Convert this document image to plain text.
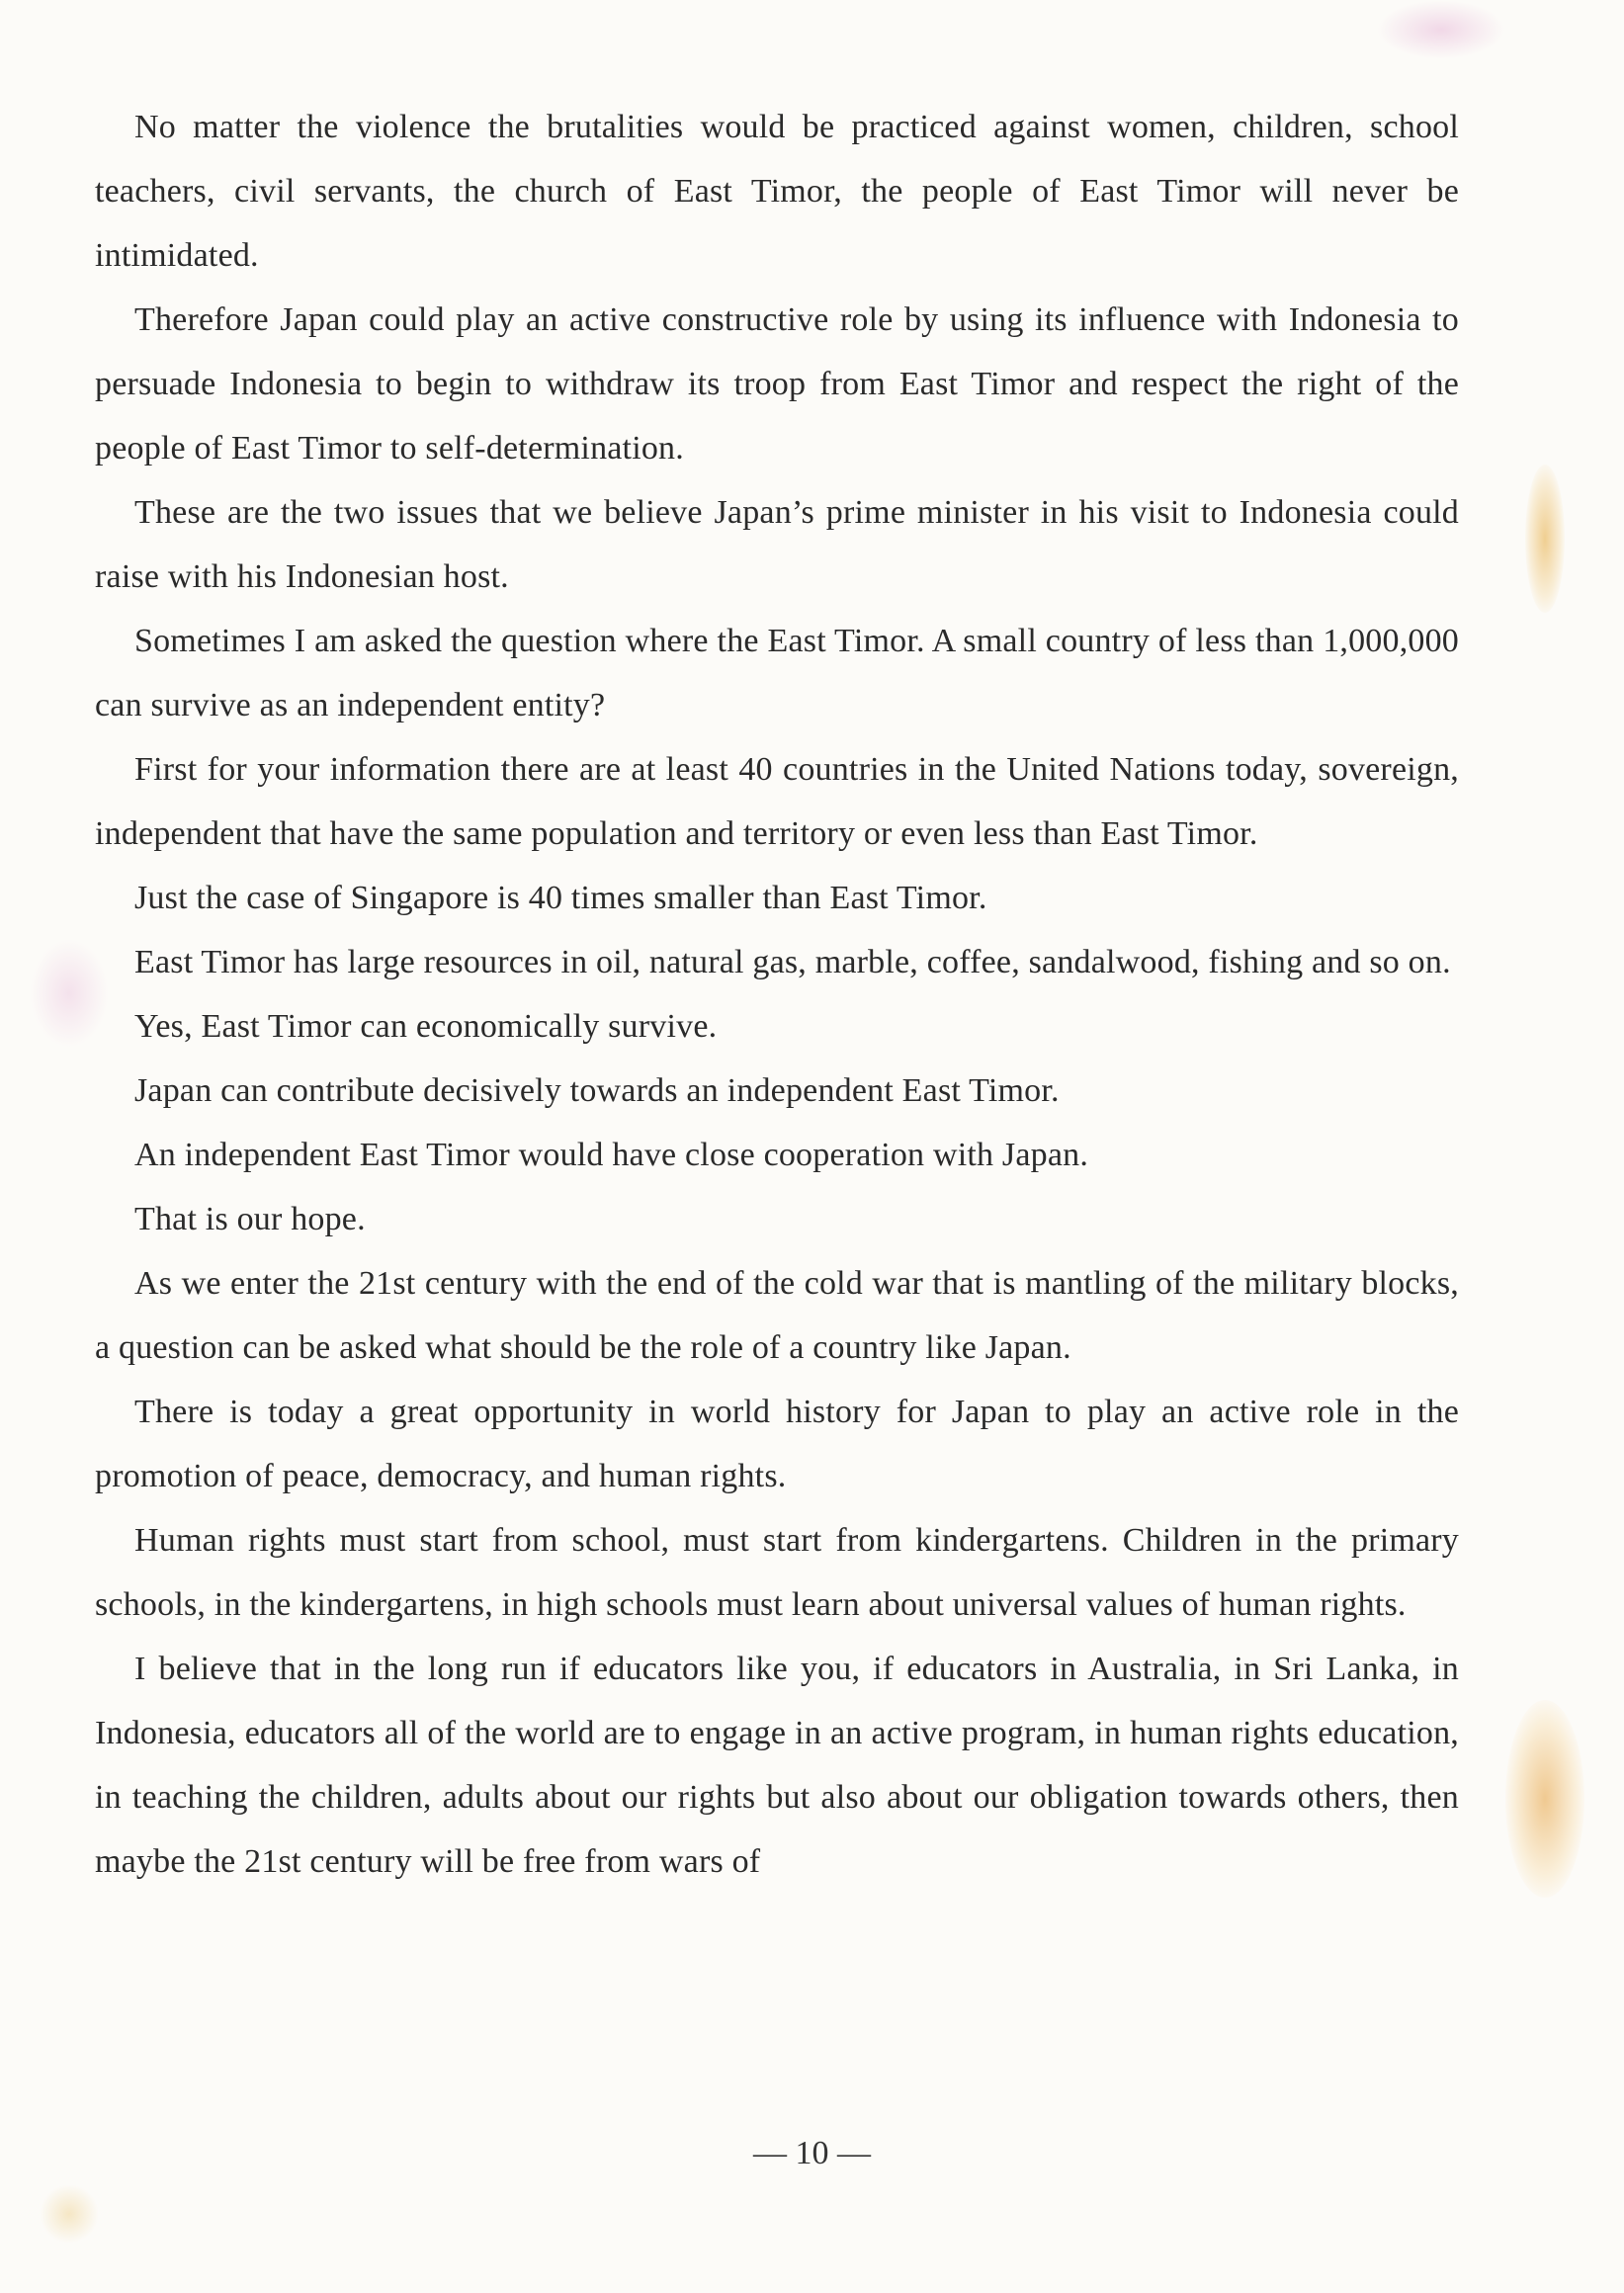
No matter the violence the brutalities would be practiced against women, children, school teachers, civil servants, the church of East Timor, the people of East Timor will never be intimidated.

Therefore Japan could play an active constructive role by using its influence with Indonesia to persuade Indonesia to begin to withdraw its troop from East Timor and respect the right of the people of East Timor to self-determination.

These are the two issues that we believe Japan’s prime minister in his visit to Indonesia could raise with his Indonesian host.

Sometimes I am asked the question where the East Timor. A small country of less than 1,000,000 can survive as an independent entity?

First for your information there are at least 40 countries in the United Nations today, sovereign, independent that have the same population and territory or even less than East Timor.

Just the case of Singapore is 40 times smaller than East Timor.

East Timor has large resources in oil, natural gas, marble, coffee, sandalwood, fishing and so on.

Yes, East Timor can economically survive.

Japan can contribute decisively towards an independent East Timor.

An independent East Timor would have close cooperation with Japan.

That is our hope.

As we enter the 21st century with the end of the cold war that is mantling of the military blocks, a question can be asked what should be the role of a country like Japan.

There is today a great opportunity in world history for Japan to play an active role in the promotion of peace, democracy, and human rights.

Human rights must start from school, must start from kindergartens. Children in the primary schools, in the kindergartens, in high schools must learn about universal values of human rights.

I believe that in the long run if educators like you, if educators in Australia, in Sri Lanka, in Indonesia, educators all of the world are to engage in an active program, in human rights education, in teaching the children, adults about our rights but also about our obligation towards others, then maybe the 21st century will be free from wars of

— 10 —
